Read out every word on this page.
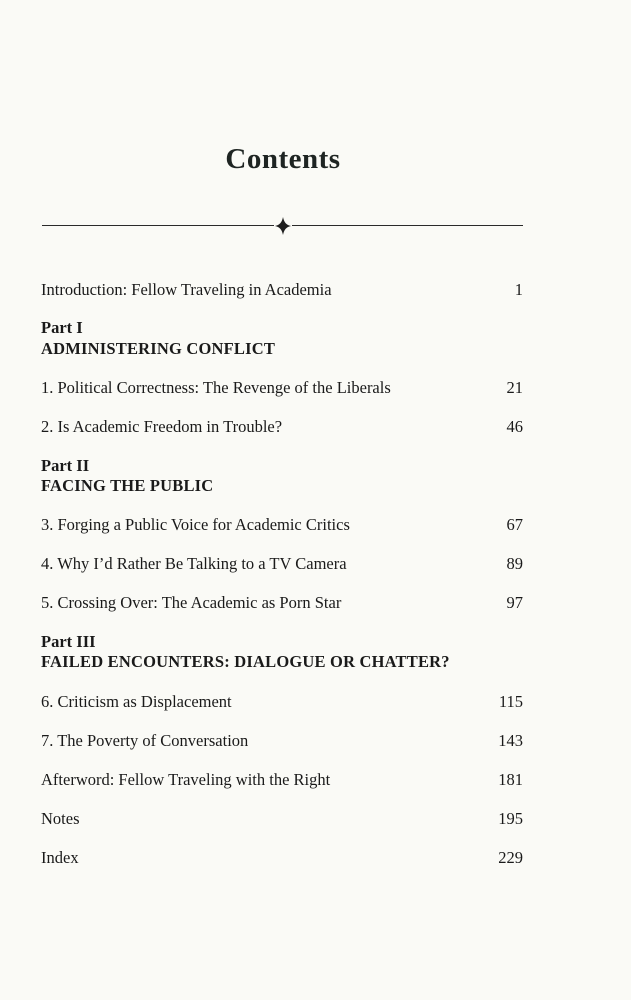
Contents
Introduction: Fellow Traveling in Academia	1
Part I
ADMINISTERING CONFLICT
1. Political Correctness: The Revenge of the Liberals	21
2. Is Academic Freedom in Trouble?	46
Part II
FACING THE PUBLIC
3. Forging a Public Voice for Academic Critics	67
4. Why I’d Rather Be Talking to a TV Camera	89
5. Crossing Over: The Academic as Porn Star	97
Part III
FAILED ENCOUNTERS: DIALOGUE OR CHATTER?
6. Criticism as Displacement	115
7. The Poverty of Conversation	143
Afterword: Fellow Traveling with the Right	181
Notes	195
Index	229
